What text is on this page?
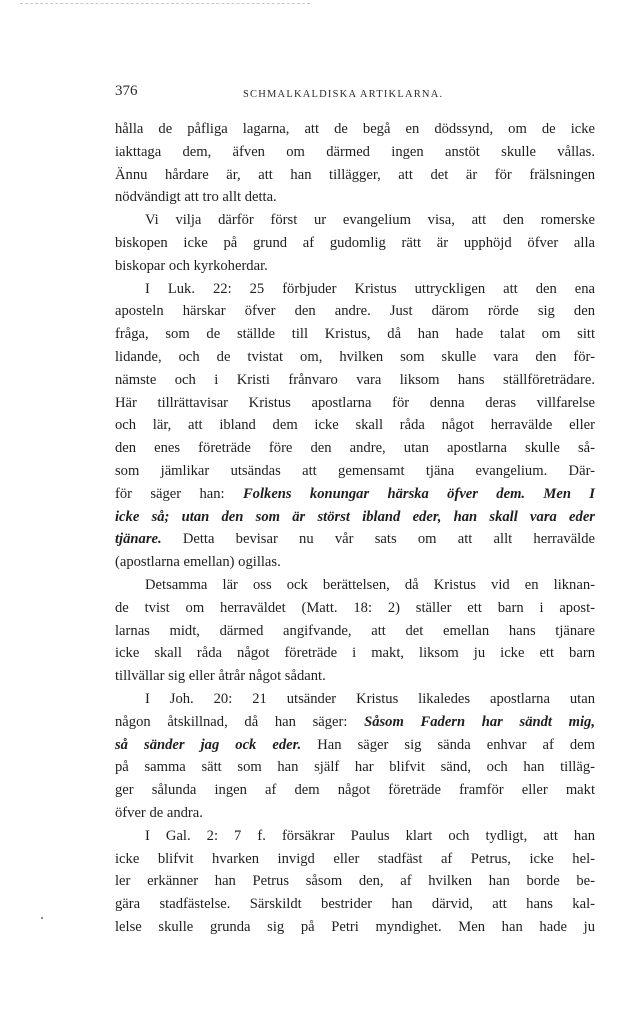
376	SCHMALKALDISKA ARTIKLARNA.
hålla de påfliga lagarna, att de begå en dödssynd, om de icke
iakttaga dem, äfven om därmed ingen anstöt skulle vållas.
Ännu hårdare är, att han tillägger, att det är för frälsningen
nödvändigt att tro allt detta.
Vi vilja därför först ur evangelium visa, att den romerske
biskopen icke på grund af gudomlig rätt är upphöjd öfver alla
biskopar och kyrkoherdar.
I Luk. 22: 25 förbjuder Kristus uttryckligen att den ena
aposteln härskar öfver den andre. Just därom rörde sig den
fråga, som de ställde till Kristus, då han hade talat om sitt
lidande, och de tvistat om, hvilken som skulle vara den för-
nämste och i Kristi frånvaro vara liksom hans ställföreträdare.
Här tillrättavisar Kristus apostlarna för denna deras villfarelse
och lär, att ibland dem icke skall råda något herravälde eller
den enes företräde före den andre, utan apostlarna skulle så-
som jämlikar utsändas att gemensamt tjäna evangelium. Där-
för säger han: Folkens konungar härska öfver dem. Men I
icke så; utan den som är störst ibland eder, han skall vara eder
tjänare. Detta bevisar nu vår sats om att allt herravälde
(apostlarna emellan) ogillas.
Detsamma lär oss ock berättelsen, då Kristus vid en liknan-
de tvist om herraväldet (Matt. 18: 2) ställer ett barn i apost-
larnas midt, därmed angifvande, att det emellan hans tjänare
icke skall råda något företräde i makt, liksom ju icke ett barn
tillvällar sig eller åtrår något sådant.
I Joh. 20: 21 utsänder Kristus likaledes apostlarna utan
någon åtskillnad, då han säger: Såsom Fadern har sändt mig,
så sänder jag ock eder. Han säger sig sända enhvar af dem
på samma sätt som han själf har blifvit sänd, och han tilläg-
ger sålunda ingen af dem något företräde framför eller makt
öfver de andra.
I Gal. 2: 7 f. försäkrar Paulus klart och tydligt, att han
icke blifvit hvarken invigd eller stadfäst af Petrus, icke hel-
ler erkänner han Petrus såsom den, af hvilken han borde be-
gära stadfästelse. Särskildt bestrider han därvid, att hans kal-
lelse skulle grunda sig på Petri myndighet. Men han hade ju
